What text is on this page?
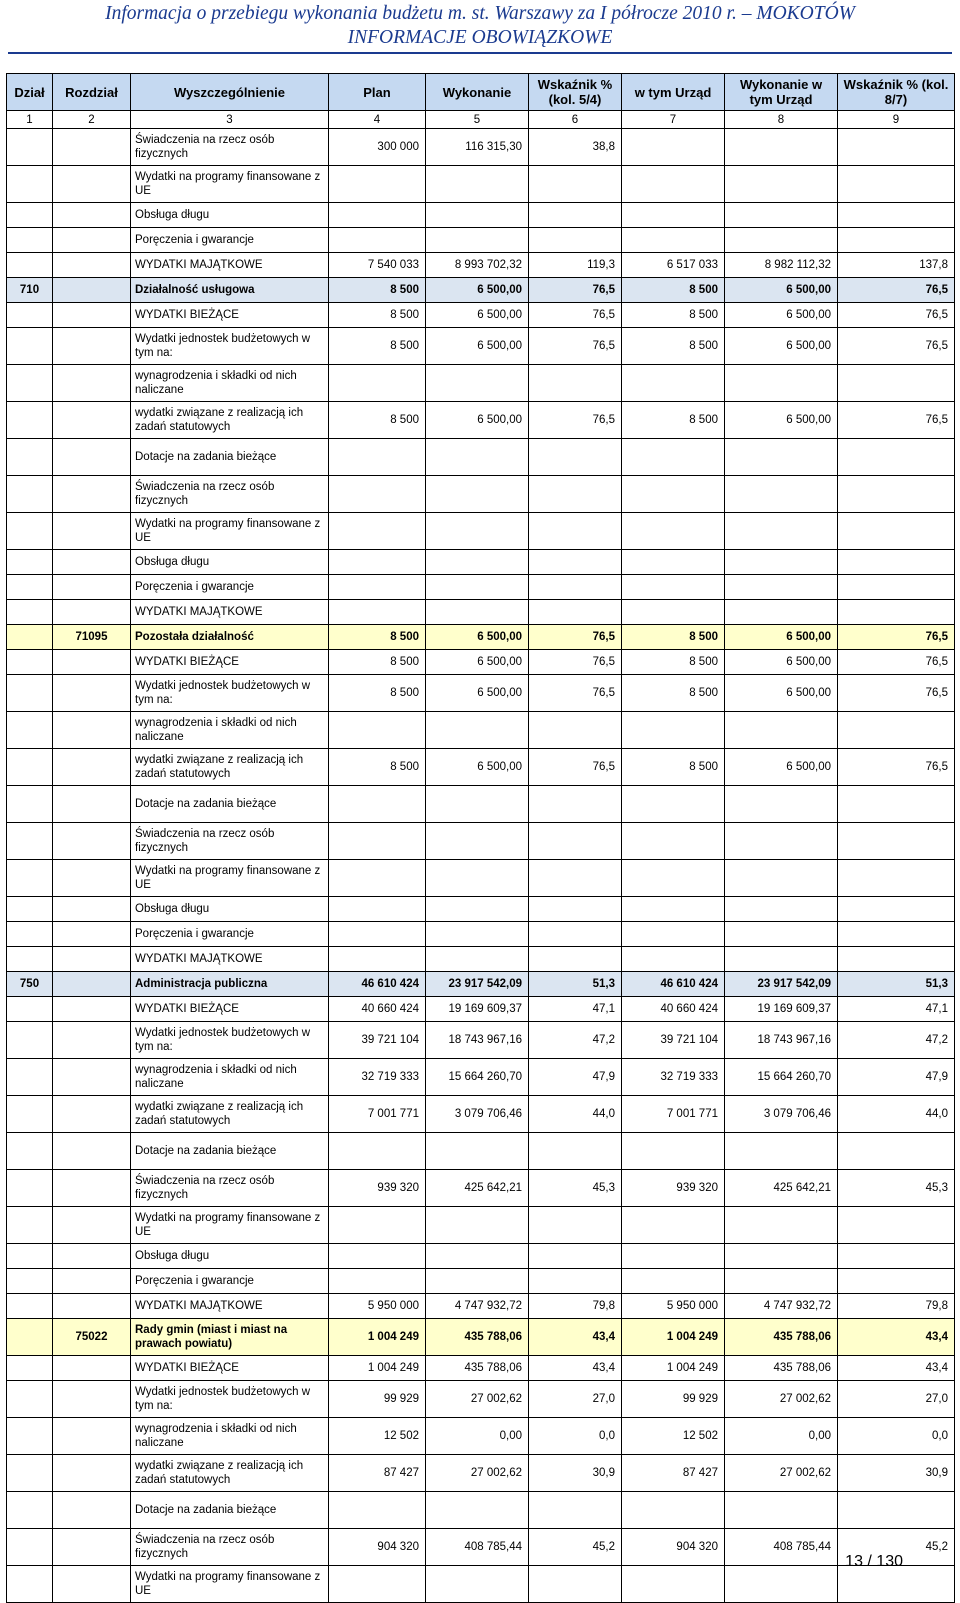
Informacja o przebiegu wykonania budżetu m. st. Warszawy za I półrocze 2010 r. – MOKOTÓW
INFORMACJE OBOWIĄZKOWE
Dział	Rozdział	Wyszczególnienie	Plan	Wykonanie	Wskaźnik % (kol. 5/4)	w tym Urząd	Wykonanie w tym Urząd	Wskaźnik % (kol. 8/7)
1	2	3	4	5	6	7	8	9
		Świadczenia na rzecz osób fizycznych	300 000	116 315,30	38,8			
		Wydatki na programy finansowane z UE						
		Obsługa długu						
		Poręczenia i gwarancje						
		WYDATKI MAJĄTKOWE	7 540 033	8 993 702,32	119,3	6 517 033	8 982 112,32	137,8
710		Działalność usługowa	8 500	6 500,00	76,5	8 500	6 500,00	76,5
		WYDATKI BIEŻĄCE	8 500	6 500,00	76,5	8 500	6 500,00	76,5
		Wydatki jednostek budżetowych w tym na:	8 500	6 500,00	76,5	8 500	6 500,00	76,5
		wynagrodzenia i składki od nich naliczane						
		wydatki związane z realizacją ich zadań statutowych	8 500	6 500,00	76,5	8 500	6 500,00	76,5
		Dotacje na zadania bieżące						
		Świadczenia na rzecz osób fizycznych						
		Wydatki na programy finansowane z UE						
		Obsługa długu						
		Poręczenia i gwarancje						
		WYDATKI MAJĄTKOWE						
	71095	Pozostała działalność	8 500	6 500,00	76,5	8 500	6 500,00	76,5
		WYDATKI BIEŻĄCE	8 500	6 500,00	76,5	8 500	6 500,00	76,5
		Wydatki jednostek budżetowych w tym na:	8 500	6 500,00	76,5	8 500	6 500,00	76,5
		wynagrodzenia i składki od nich naliczane						
		wydatki związane z realizacją ich zadań statutowych	8 500	6 500,00	76,5	8 500	6 500,00	76,5
		Dotacje na zadania bieżące						
		Świadczenia na rzecz osób fizycznych						
		Wydatki na programy finansowane z UE						
		Obsługa długu						
		Poręczenia i gwarancje						
		WYDATKI MAJĄTKOWE						
750		Administracja publiczna	46 610 424	23 917 542,09	51,3	46 610 424	23 917 542,09	51,3
		WYDATKI BIEŻĄCE	40 660 424	19 169 609,37	47,1	40 660 424	19 169 609,37	47,1
		Wydatki jednostek budżetowych w tym na:	39 721 104	18 743 967,16	47,2	39 721 104	18 743 967,16	47,2
		wynagrodzenia i składki od nich naliczane	32 719 333	15 664 260,70	47,9	32 719 333	15 664 260,70	47,9
		wydatki związane z realizacją ich zadań statutowych	7 001 771	3 079 706,46	44,0	7 001 771	3 079 706,46	44,0
		Dotacje na zadania bieżące						
		Świadczenia na rzecz osób fizycznych	939 320	425 642,21	45,3	939 320	425 642,21	45,3
		Wydatki na programy finansowane z UE						
		Obsługa długu						
		Poręczenia i gwarancje						
		WYDATKI MAJĄTKOWE	5 950 000	4 747 932,72	79,8	5 950 000	4 747 932,72	79,8
	75022	Rady gmin (miast i miast na prawach powiatu)	1 004 249	435 788,06	43,4	1 004 249	435 788,06	43,4
		WYDATKI BIEŻĄCE	1 004 249	435 788,06	43,4	1 004 249	435 788,06	43,4
		Wydatki jednostek budżetowych w tym na:	99 929	27 002,62	27,0	99 929	27 002,62	27,0
		wynagrodzenia i składki od nich naliczane	12 502	0,00	0,0	12 502	0,00	0,0
		wydatki związane z realizacją ich zadań statutowych	87 427	27 002,62	30,9	87 427	27 002,62	30,9
		Dotacje na zadania bieżące						
		Świadczenia na rzecz osób fizycznych	904 320	408 785,44	45,2	904 320	408 785,44	45,2
		Wydatki na programy finansowane z UE						
13 / 130
